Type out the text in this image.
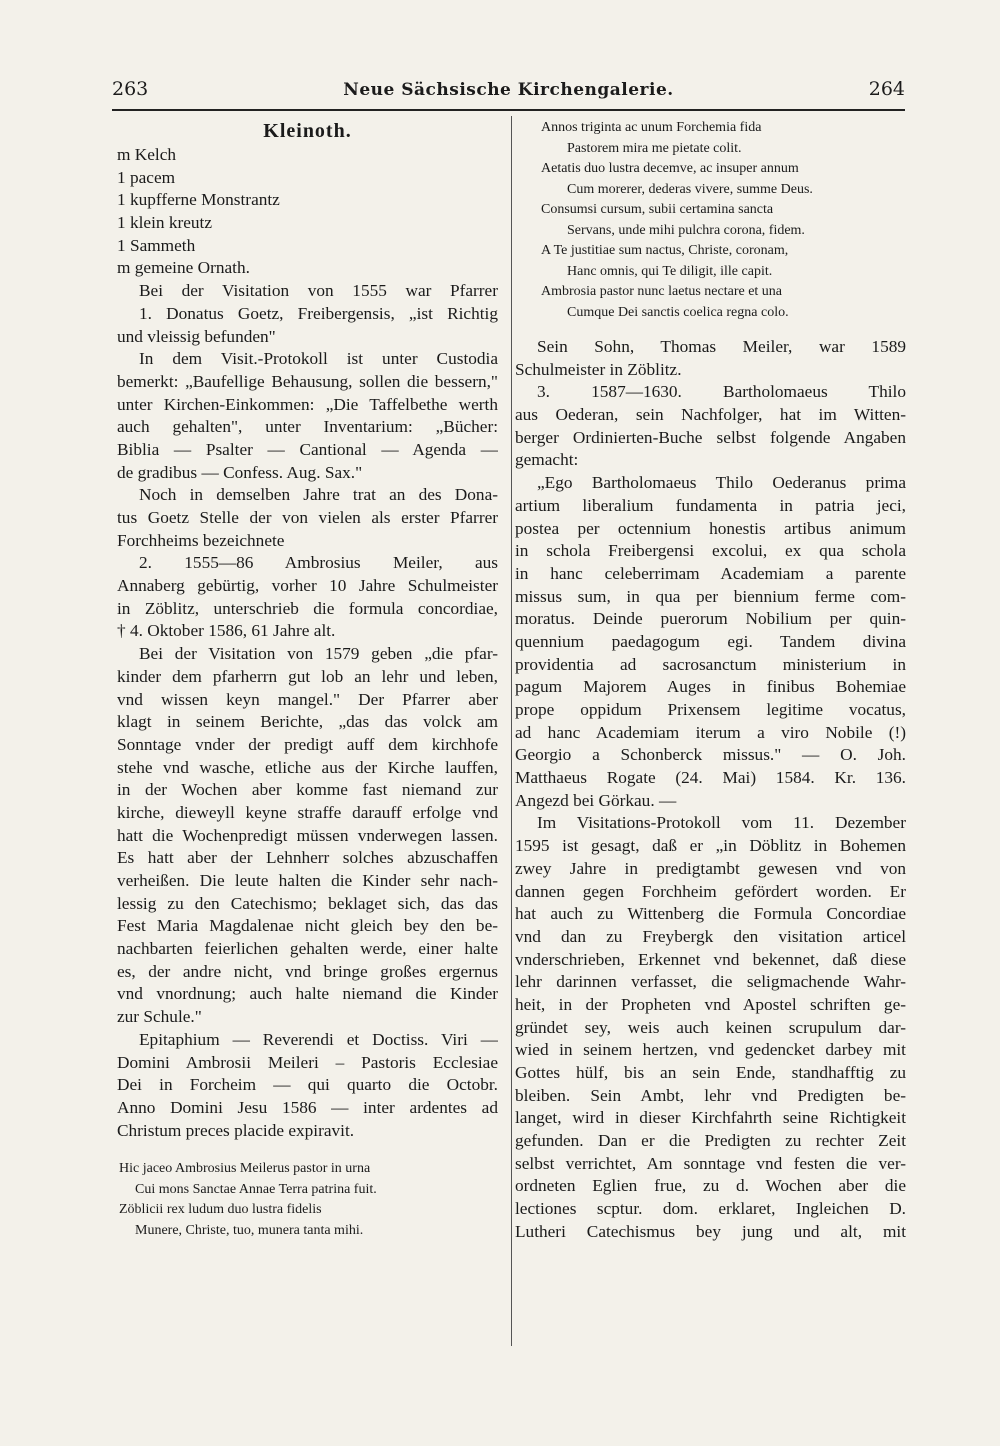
263	Neue Sächsische Kirchengalerie.	264
Kleinoth.
m Kelch
1 pacem
1 kupfferne Monstrantz
1 klein kreutz
1 Sammeth
m gemeine Ornath.
Bei der Visitation von 1555 war Pfarrer
1. Donatus Goetz, Freibergensis, „ist Richtig
und vleissig befunden"
In dem Visit.-Protokoll ist unter Custodia
bemerkt: „Baufellige Behausung, sollen die bessern,"
unter Kirchen-Einkommen: „Die Taffelbethe werth
auch gehalten", unter Inventarium: „Bücher:
Biblia — Psalter — Cantional — Agenda —
de gradibus — Confess. Aug. Sax."
Noch in demselben Jahre trat an des Dona-
tus Goetz Stelle der von vielen als erster Pfarrer
Forchheims bezeichnete
2. 1555—86 Ambrosius Meiler, aus
Annaberg gebürtig, vorher 10 Jahre Schulmeister
in Zöblitz, unterschrieb die formula concordiae,
† 4. Oktober 1586, 61 Jahre alt.
Bei der Visitation von 1579 geben „die pfar-
kinder dem pfarherrn gut lob an lehr und leben,
vnd wissen keyn mangel." Der Pfarrer aber
klagt in seinem Berichte, „das das volck am
Sonntage vnder der predigt auff dem kirchhofe
stehe vnd wasche, etliche aus der Kirche lauffen,
in der Wochen aber komme fast niemand zur
kirche, dieweyll keyne straffe darauff erfolge vnd
hatt die Wochenpredigt müssen vnderwegen lassen.
Es hatt aber der Lehnherr solches abzuschaffen
verheißen. Die leute halten die Kinder sehr nach-
lessig zu den Catechismo; beklaget sich, das das
Fest Maria Magdalenae nicht gleich bey den be-
nachbarten feierlichen gehalten werde, einer halte
es, der andre nicht, vnd bringe großes ergernus
vnd vnordnung; auch halte niemand die Kinder
zur Schule."
Epitaphium — Reverendi et Doctiss. Viri —
Domini Ambrosii Meileri – Pastoris Ecclesiae
Dei in Forcheim — qui quarto die Octobr.
Anno Domini Jesu 1586 — inter ardentes ad
Christum preces placide expiravit.
Hic jaceo Ambrosius Meilerus pastor in urna
Cui mons Sanctae Annae Terra patrina fuit.
Zöblicii rex ludum duo lustra fidelis
Munere, Christe, tuo, munera tanta mihi.
Annos triginta ac unum Forchemia fida
Pastorem mira me pietate colit.
Aetatis duo lustra decemve, ac insuper annum
Cum morerer, dederas vivere, summe Deus.
Consumsi cursum, subii certamina sancta
Servans, unde mihi pulchra corona, fidem.
A Te justitiae sum nactus, Christe, coronam,
Hanc omnis, qui Te diligit, ille capit.
Ambrosia pastor nunc laetus nectare et una
Cumque Dei sanctis coelica regna colo.
Sein Sohn, Thomas Meiler, war 1589
Schulmeister in Zöblitz.
3. 1587—1630. Bartholomaeus Thilo
aus Oederan, sein Nachfolger, hat im Witten-
berger Ordinierten-Buche selbst folgende Angaben
gemacht:
„Ego Bartholomaeus Thilo Oederanus prima
artium liberalium fundamenta in patria jeci,
postea per octennium honestis artibus animum
in schola Freibergensi excolui, ex qua schola
in hanc celeberrimam Academiam a parente
missus sum, in qua per biennium ferme com-
moratus. Deinde puerorum Nobilium per quin-
quennium paedagogum egi. Tandem divina
providentia ad sacrosanctum ministerium in
pagum Majorem Auges in finibus Bohemiae
prope oppidum Prixensem legitime vocatus,
ad hanc Academiam iterum a viro Nobile (!)
Georgio a Schonberck missus." — O. Joh.
Matthaeus Rogate (24. Mai) 1584. Kr. 136.
Angezd bei Görkau. —
Im Visitations-Protokoll vom 11. Dezember
1595 ist gesagt, daß er „in Döblitz in Bohemen
zwey Jahre in predigtambt gewesen vnd von
dannen gegen Forchheim gefördert worden. Er
hat auch zu Wittenberg die Formula Concordiae
vnd dan zu Freybergk den visitation articel
vnderschrieben, Erkennet vnd bekennet, daß diese
lehr darinnen verfasset, die seligmachende Wahr-
heit, in der Propheten vnd Apostel schriften ge-
gründet sey, weis auch keinen scrupulum dar-
wied in seinem hertzen, vnd gedencket darbey mit
Gottes hülf, bis an sein Ende, standhafftig zu
bleiben. Sein Ambt, lehr vnd Predigten be-
langet, wird in dieser Kirchfahrth seine Richtigkeit
gefunden. Dan er die Predigten zu rechter Zeit
selbst verrichtet, Am sonntage vnd festen die ver-
ordneten Eglien frue, zu d. Wochen aber die
lectiones scptur. dom. erklaret, Ingleichen D.
Lutheri Catechismus bey jung und alt, mit
